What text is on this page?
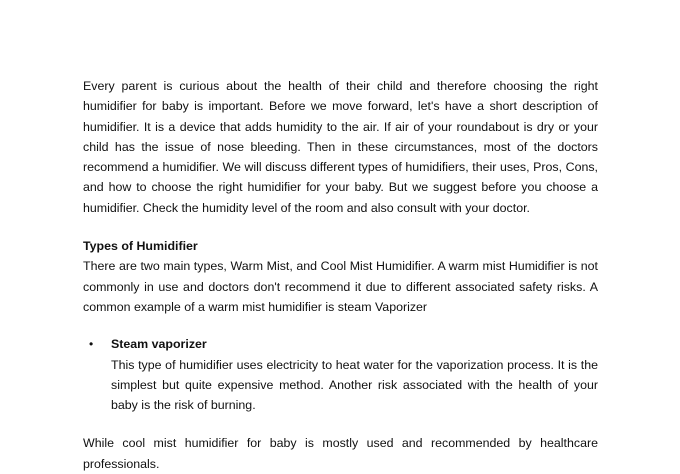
Every parent is curious about the health of their child and therefore choosing the right humidifier for baby is important. Before we move forward, let's have a short description of humidifier. It is a device that adds humidity to the air. If air of your roundabout is dry or your child has the issue of nose bleeding. Then in these circumstances, most of the doctors recommend a humidifier. We will discuss different types of humidifiers, their uses, Pros, Cons, and how to choose the right humidifier for your baby. But we suggest before you choose a humidifier. Check the humidity level of the room and also consult with your doctor.

Types of Humidifier

There are two main types, Warm Mist, and Cool Mist Humidifier. A warm mist Humidifier is not commonly in use and doctors don't recommend it due to different associated safety risks. A common example of a warm mist humidifier is steam Vaporizer

• Steam vaporizer

This type of humidifier uses electricity to heat water for the vaporization process. It is the simplest but quite expensive method. Another risk associated with the health of your baby is the risk of burning.

While cool mist humidifier for baby is mostly used and recommended by healthcare professionals.
